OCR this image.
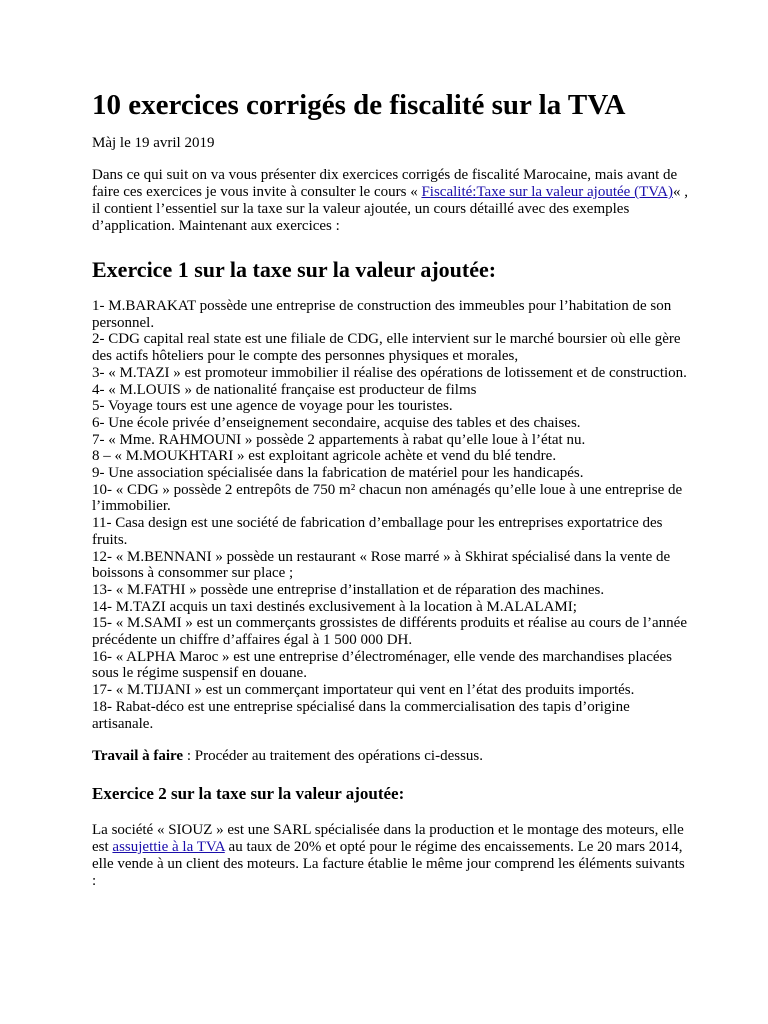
10 exercices corrigés de fiscalité sur la TVA
Màj le 19 avril 2019

Dans ce qui suit on va vous présenter dix exercices corrigés de fiscalité Marocaine, mais avant de faire ces exercices je vous invite à consulter le cours « Fiscalité:Taxe sur la valeur ajoutée (TVA)« , il contient l’essentiel sur la taxe sur la valeur ajoutée, un cours détaillé avec des exemples d’application. Maintenant aux exercices :

Exercice 1 sur la taxe sur la valeur ajoutée:
1- M.BARAKAT possède une entreprise de construction des immeubles pour l’habitation de son personnel.
2- CDG capital real state est une filiale de CDG, elle intervient sur le marché boursier où elle gère des actifs hôteliers pour le compte des personnes physiques et morales,
3- « M.TAZI » est promoteur immobilier il réalise des opérations de lotissement et de construction.
4- « M.LOUIS » de nationalité française est producteur de films
5- Voyage tours est une agence de voyage pour les touristes.
6- Une école privée d’enseignement secondaire, acquise des tables et des chaises.
7- « Mme. RAHMOUNI » possède 2 appartements à rabat qu’elle loue à l’état nu.
8 – « M.MOUKHTARI » est exploitant agricole achète et vend du blé tendre.
9- Une association spécialisée dans la fabrication de matériel pour les handicapés.
10- « CDG » possède 2 entrepôts de 750 m² chacun non aménagés qu’elle loue à une entreprise de l’immobilier.
11- Casa design est une société de fabrication d’emballage pour les entreprises exportatrice des fruits.
12- « M.BENNANI » possède un restaurant « Rose marré » à Skhirat spécialisé dans la vente de boissons à consommer sur place ;
13- « M.FATHI » possède une entreprise d’installation et de réparation des machines.
14- M.TAZI acquis un taxi destinés exclusivement à la location à M.ALALAMI;
15- « M.SAMI » est un commerçants grossistes de différents produits et réalise au cours de l’année précédente un chiffre d’affaires égal à 1 500 000 DH.
16- « ALPHA Maroc » est une entreprise d’électroménager, elle vende des marchandises placées sous le régime suspensif en douane.
17- « M.TIJANI » est un commerçant importateur qui vent en l’état des produits importés.
18- Rabat-déco est une entreprise spécialisé dans la commercialisation des tapis d’origine artisanale.
Travail à faire : Procéder au traitement des opérations ci-dessus.
Exercice 2 sur la taxe sur la valeur ajoutée:

La société « SIOUZ » est une SARL spécialisée dans la production et le montage des moteurs, elle est assujettie à la TVA au taux de 20% et opté pour le régime des encaissements. Le 20 mars 2014, elle vende à un client des moteurs. La facture établie le même jour comprend les éléments suivants :
